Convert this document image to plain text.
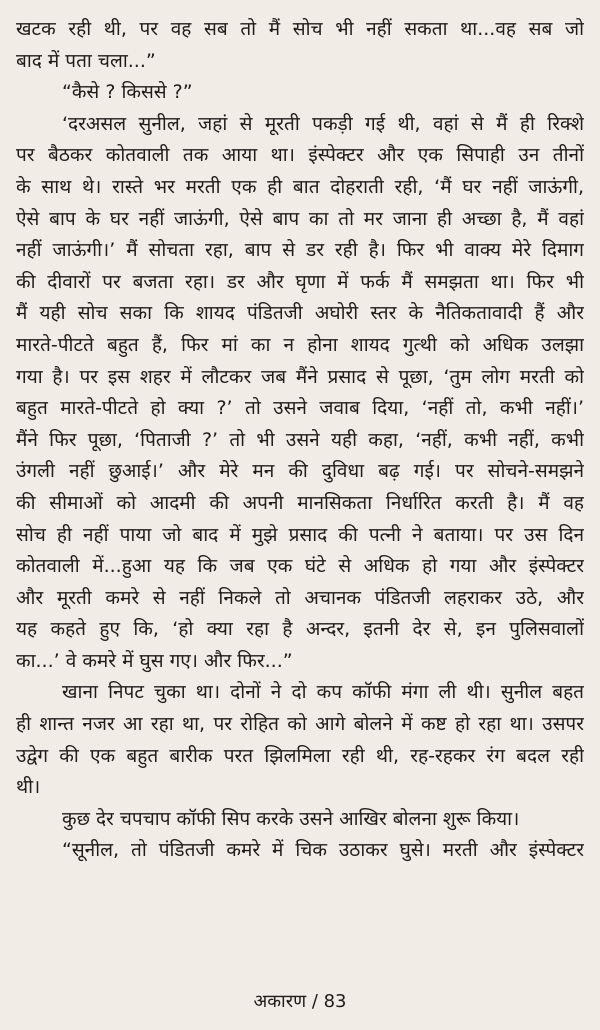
खटक रही थी, पर वह सब तो मैं सोच भी नहीं सकता था...वह सब जो

बाद में पता चला...”

“कैसे ? किससे ?”

‘दरअसल सुनील, जहां से मूरती पकड़ी गई थी, वहां से मैं ही रिक्शे

पर बैठकर कोतवाली तक आया था। इंस्पेक्टर और एक सिपाही उन तीनों

के साथ थे। रास्ते भर मरती एक ही बात दोहराती रही, ‘मैं घर नहीं जाऊंगी,

ऐसे बाप के घर नहीं जाऊंगी, ऐसे बाप का तो मर जाना ही अच्छा है, मैं वहां

नहीं जाऊंगी।’ मैं सोचता रहा, बाप से डर रही है। फिर भी वाक्य मेरे दिमाग

की दीवारों पर बजता रहा। डर और घृणा में फर्क मैं समझता था। फिर भी

मैं यही सोच सका कि शायद पंडितजी अघोरी स्तर के नैतिकतावादी हैं और

मारते-पीटते बहुत हैं, फिर मां का न होना शायद गुत्थी को अधिक उलझा

गया है। पर इस शहर में लौटकर जब मैंने प्रसाद से पूछा, ‘तुम लोग मरती को

बहुत मारते-पीटते हो क्या ?’ तो उसने जवाब दिया, ‘नहीं तो, कभी नहीं।’

मैंने फिर पूछा, ‘पिताजी ?’ तो भी उसने यही कहा, ‘नहीं, कभी नहीं, कभी

उंगली नहीं छुआई।’ और मेरे मन की दुविधा बढ़ गई। पर सोचने-समझने

की सीमाओं को आदमी की अपनी मानसिकता निर्धारित करती है। मैं वह

सोच ही नहीं पाया जो बाद में मुझे प्रसाद की पत्नी ने बताया। पर उस दिन

कोतवाली में...हुआ यह कि जब एक घंटे से अधिक हो गया और इंस्पेक्टर

और मूरती कमरे से नहीं निकले तो अचानक पंडितजी लहराकर उठे, और

यह कहते हुए कि, ‘हो क्या रहा है अन्दर, इतनी देर से, इन पुलिसवालों

का...’ वे कमरे में घुस गए। और फिर...”

खाना निपट चुका था। दोनों ने दो कप कॉफी मंगा ली थी। सुनील बहत

ही शान्त नजर आ रहा था, पर रोहित को आगे बोलने में कष्ट हो रहा था। उसपर

उद्वेग की एक बहुत बारीक परत झिलमिला रही थी, रह-रहकर रंग बदल रही

थी।

कुछ देर चपचाप कॉफी सिप करके उसने आखिर बोलना शुरू किया।

“सूनील, तो पंडितजी कमरे में चिक उठाकर घुसे। मरती और इंस्पेक्टर

अकारण / 83
